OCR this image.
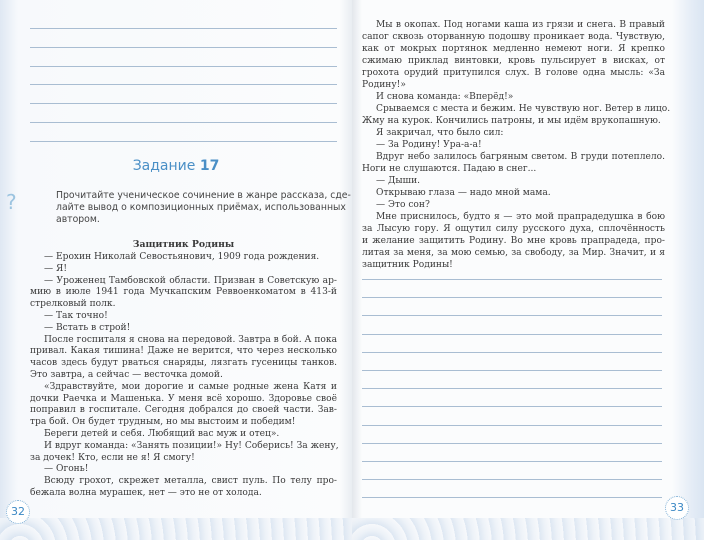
Задание 17
?	Прочитайте ученическое сочинение в жанре рассказа, сде-
лайте вывод о композиционных приёмах, использованных
автором.
Защитник Родины
— Ерохин Николай Севостьянович, 1909 года рождения.
— Я!
— Уроженец Тамбовской области. Призван в Советскую ар-
мию в июле 1941 года Мучкапским Реввоенкоматом в 413-й
стрелковый полк.
— Так точно!
— Встать в строй!
После госпиталя я снова на передовой. Завтра в бой. А пока
привал. Какая тишина! Даже не верится, что через несколько
часов здесь будут рваться снаряды, лязгать гусеницы танков.
Это завтра, а сейчас — весточка домой.
«Здравствуйте, мои дорогие и самые родные жена Катя и
дочки Раечка и Машенька. У меня всё хорошо. Здоровье своё
поправил в госпитале. Сегодня добрался до своей части. Зав-
тра бой. Он будет трудным, но мы выстоим и победим!
Береги детей и себя. Любящий вас муж и отец».
И вдруг команда: «Занять позиции!» Ну! Соберись! За жену,
за дочек! Кто, если не я! Я смогу!
— Огонь!
Всюду грохот, скрежет металла, свист пуль. По телу про-
бежала волна мурашек, нет — это не от холода.
32
Мы в окопах. Под ногами каша из грязи и снега. В правый
сапог сквозь оторванную подошву проникает вода. Чувствую,
как от мокрых портянок медленно немеют ноги. Я крепко
сжимаю приклад винтовки, кровь пульсирует в висках, от
грохота орудий притупился слух. В голове одна мысль: «За
Родину!»
И снова команда: «Вперёд!»
Срываемся с места и бежим. Не чувствую ног. Ветер в лицо.
Жму на курок. Кончились патроны, и мы идём врукопашную.
Я закричал, что было сил:
— За Родину! Ура-а-а!
Вдруг небо залилось багряным светом. В груди потеплело.
Ноги не слушаются. Падаю в снег...
— Дыши.
Открываю глаза — надо мной мама.
— Это сон?
Мне приснилось, будто я — это мой прапрадедушка в бою
за Лысую гору. Я ощутил силу русского духа, сплочённость
и желание защитить Родину. Во мне кровь прапрадеда, про-
литая за меня, за мою семью, за свободу, за Мир. Значит, и я
защитник Родины!
33
